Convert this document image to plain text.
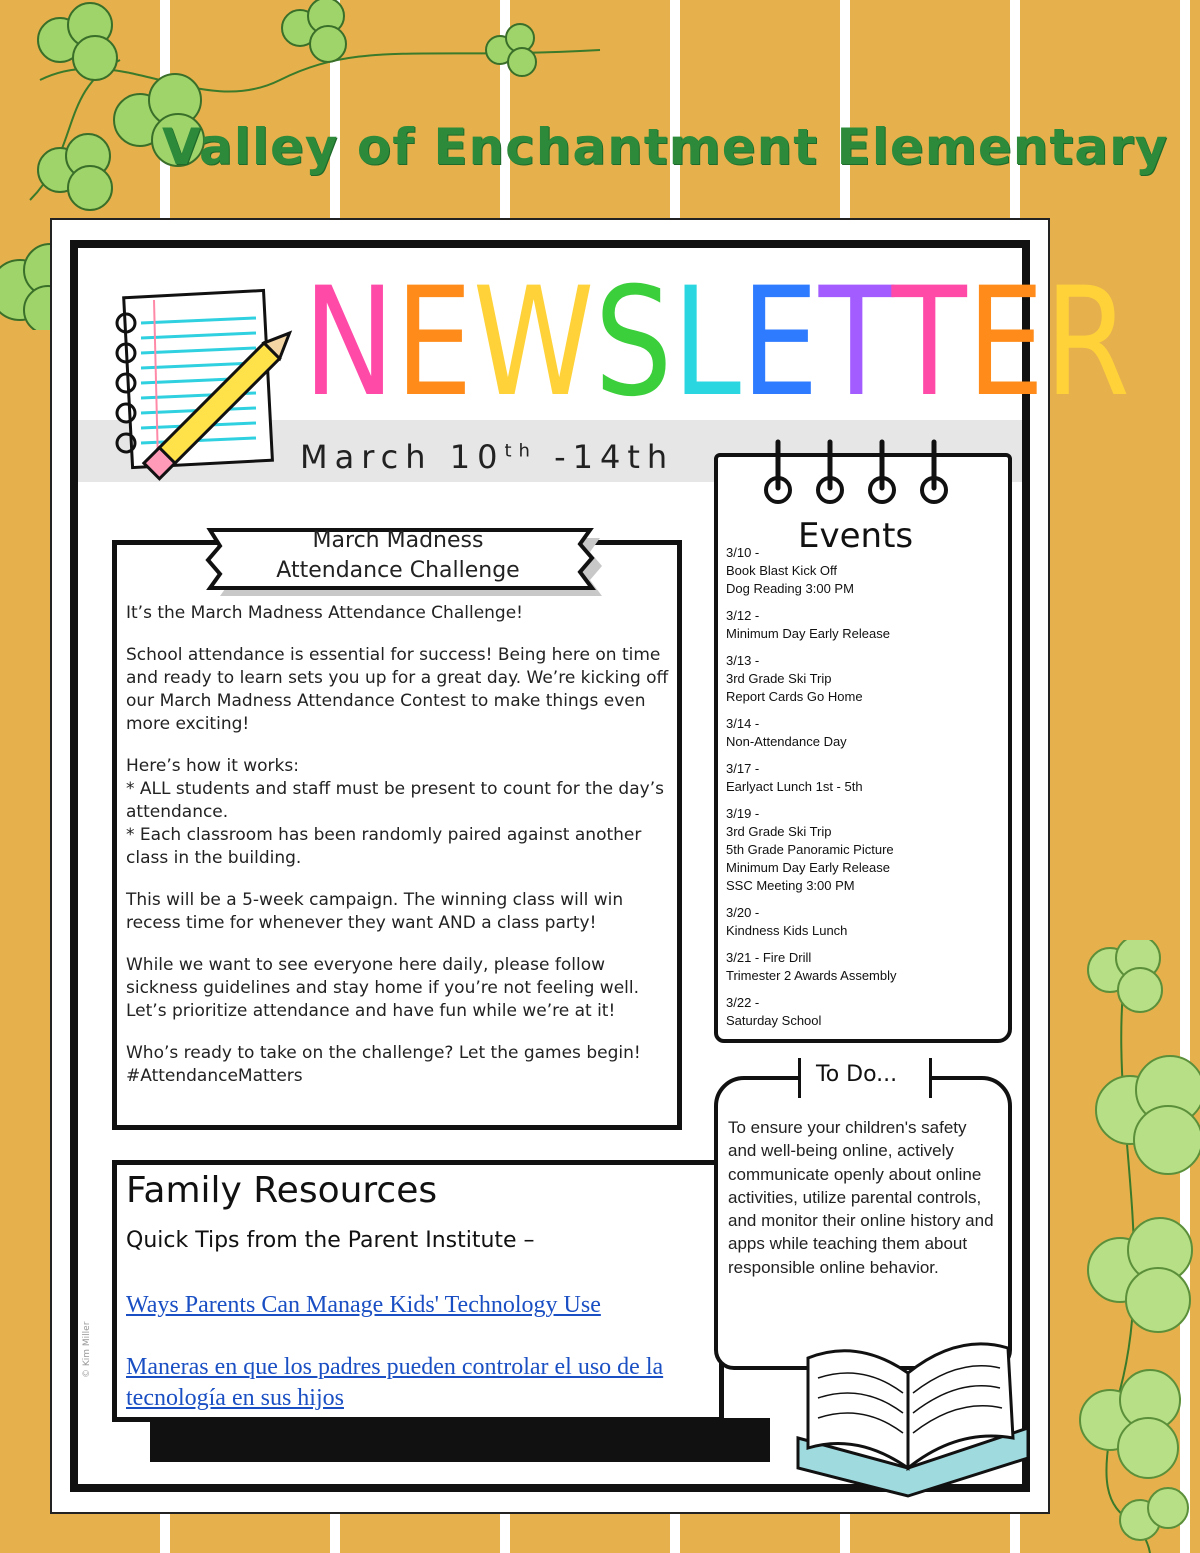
Valley of Enchantment Elementary
NEWSLETTER
March 10th -14th
March Madness
Attendance Challenge

It’s the March Madness Attendance Challenge!

School attendance is essential for success! Being here on time and ready to learn sets you up for a great day. We’re kicking off our March Madness Attendance Contest to make things even more exciting!

Here’s how it works:
* ALL students and staff must be present to count for the day’s attendance.
* Each classroom has been randomly paired against another class in the building.

This will be a 5-week campaign. The winning class will win recess time for whenever they want AND a class party!

While we want to see everyone here daily, please follow sickness guidelines and stay home if you’re not feeling well. Let’s prioritize attendance and have fun while we’re at it!

Who’s ready to take on the challenge? Let the games begin! #AttendanceMatters

Family Resources
Quick Tips from the Parent Institute –
Ways Parents Can Manage Kids' Technology Use
Maneras en que los padres pueden controlar el uso de la tecnología en sus hijos
Events
3/10 -
Book Blast Kick Off
Dog Reading 3:00 PM
3/12 -
Minimum Day Early Release
3/13 -
3rd Grade Ski Trip
Report Cards Go Home
3/14 -
Non-Attendance Day
3/17 -
Earlyact Lunch 1st - 5th
3/19 -
3rd Grade Ski Trip
5th Grade Panoramic Picture
Minimum Day Early Release
SSC Meeting 3:00 PM
3/20 -
Kindness Kids Lunch
3/21 - Fire Drill
Trimester 2 Awards Assembly
3/22 -
Saturday School
To Do...
To ensure your children's safety and well-being online, actively communicate openly about online activities, utilize parental controls, and monitor their online history and apps while teaching them about responsible online behavior.
© Kim Miller
